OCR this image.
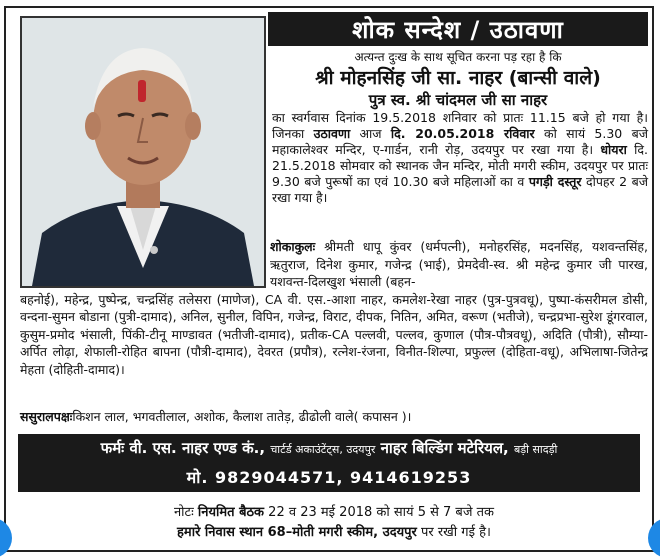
शोक सन्देश / उठावणा
अत्यन्त दुःख के साथ सूचित करना पड़ रहा है कि
श्री मोहनसिंह जी सा. नाहर (बान्सी वाले)
पुत्र स्व. श्री चांदमल जी सा नाहर
का स्वर्गवास दिनांक 19.5.2018 शनिवार को प्रातः 11.15 बजे हो गया है। जिनका उठावणा आज दि. 20.05.2018 रविवार को सायं 5.30 बजे महाकालेश्वर मन्दिर, ए-गार्डन, रानी रोड़, उदयपुर पर रखा गया है। धोयरा दि. 21.5.2018 सोमवार को स्थानक जैन मन्दिर, मोती मगरी स्कीम, उदयपुर पर प्रातः 9.30 बजे पुरूषों का एवं 10.30 बजे महिलाओं का व पगड़ी दस्तूर दोपहर 2 बजे रखा गया है।
शोकाकुलः श्रीमती धापू कुंवर (धर्मपत्नी), मनोहरसिंह, मदनसिंह, यशवन्तसिंह, ऋतुराज, दिनेश कुमार, गजेन्द्र (भाई), प्रेमदेवी-स्व. श्री महेन्द्र कुमार जी पारख, यशवन्त-दिलखुश भंसाली (बहन-
बहनोई), महेन्द्र, पुष्पेन्द्र, चन्द्रसिंह तलेसरा (माणेज), CA वी. एस.-आशा नाहर, कमलेश-रेखा नाहर (पुत्र-पुत्रवधू), पुष्पा-कंसरीमल डोसी, वन्दना-सुमन बोडाना (पुत्री-दामाद), अनिल, सुनील, विपिन, गजेन्द्र, विराट, दीपक, नितिन, अमित, वरूण (भतीजे), चन्द्रप्रभा-सुरेश डूंगरवाल, कुसुम-प्रमोद भंसाली, पिंकी-टीनू माण्डावत (भतीजी-दामाद), प्रतीक-CA पल्लवी, पल्लव, कुणाल (पौत्र-पौत्रवधू), अदिति (पौत्री), सौम्या-अर्पित लोढ़ा, शेफाली-रोहित बापना (पौत्री-दामाद), देवरत (प्रपौत्र), रत्नेश-रंजना, विनीत-शिल्पा, प्रफुल्ल (दोहिता-वधू), अभिलाषा-जितेन्द्र मेहता (दोहिती-दामाद)।
ससुरालपक्षःकिशन लाल, भगवतीलाल, अशोक, कैलाश तातेड़, ढीढोली वाले( कपासन )।
फर्मः वी. एस. नाहर एण्ड कं., चार्टर्ड अकाउंटेंट्स, उदयपुर नाहर बिल्डिंग मटेरियल, बड़ी सादड़ी
मो. 9829044571, 9414619253
नोटः नियमित बैठक 22 व 23 मई 2018 को सायं 5 से 7 बजे तक
हमारे निवास स्थान 68–मोती मगरी स्कीम, उदयपुर पर रखी गई है।
